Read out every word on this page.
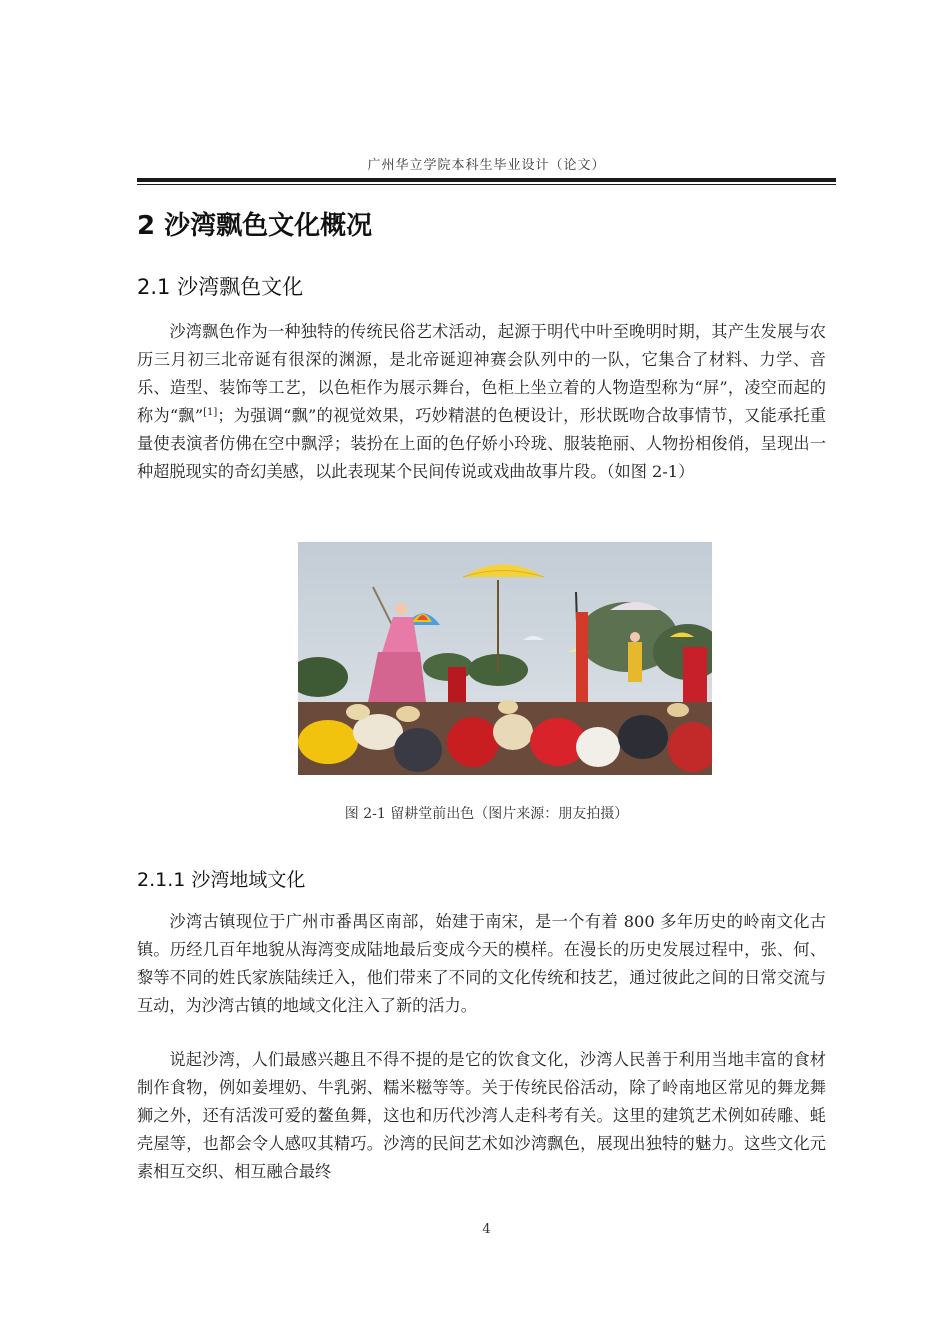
广州华立学院本科生毕业设计（论文）
2 沙湾飘色文化概况
2.1 沙湾飘色文化

沙湾飘色作为一种独特的传统民俗艺术活动，起源于明代中叶至晚明时期，其产生发展与农历三月初三北帝诞有很深的渊源，是北帝诞迎神赛会队列中的一队，它集合了材料、力学、音乐、造型、装饰等工艺，以色柜作为展示舞台，色柜上坐立着的人物造型称为“屏”，凌空而起的称为“飘”[1]；为强调“飘”的视觉效果，巧妙精湛的色梗设计，形状既吻合故事情节，又能承托重量使表演者仿佛在空中飘浮；装扮在上面的色仔娇小玲珑、服装艳丽、人物扮相俊俏，呈现出一种超脱现实的奇幻美感，以此表现某个民间传说或戏曲故事片段。（如图 2-1）

图 2-1 留耕堂前出色（图片来源：朋友拍摄）
2.1.1 沙湾地域文化

沙湾古镇现位于广州市番禺区南部，始建于南宋，是一个有着 800 多年历史的岭南文化古镇。历经几百年地貌从海湾变成陆地最后变成今天的模样。在漫长的历史发展过程中，张、何、黎等不同的姓氏家族陆续迁入，他们带来了不同的文化传统和技艺，通过彼此之间的日常交流与互动，为沙湾古镇的地域文化注入了新的活力。

说起沙湾，人们最感兴趣且不得不提的是它的饮食文化，沙湾人民善于利用当地丰富的食材制作食物，例如姜埋奶、牛乳粥、糯米糍等等。关于传统民俗活动，除了岭南地区常见的舞龙舞狮之外，还有活泼可爱的鳌鱼舞，这也和历代沙湾人走科考有关。这里的建筑艺术例如砖雕、蚝壳屋等，也都会令人感叹其精巧。沙湾的民间艺术如沙湾飘色，展现出独特的魅力。这些文化元素相互交织、相互融合最终

4
